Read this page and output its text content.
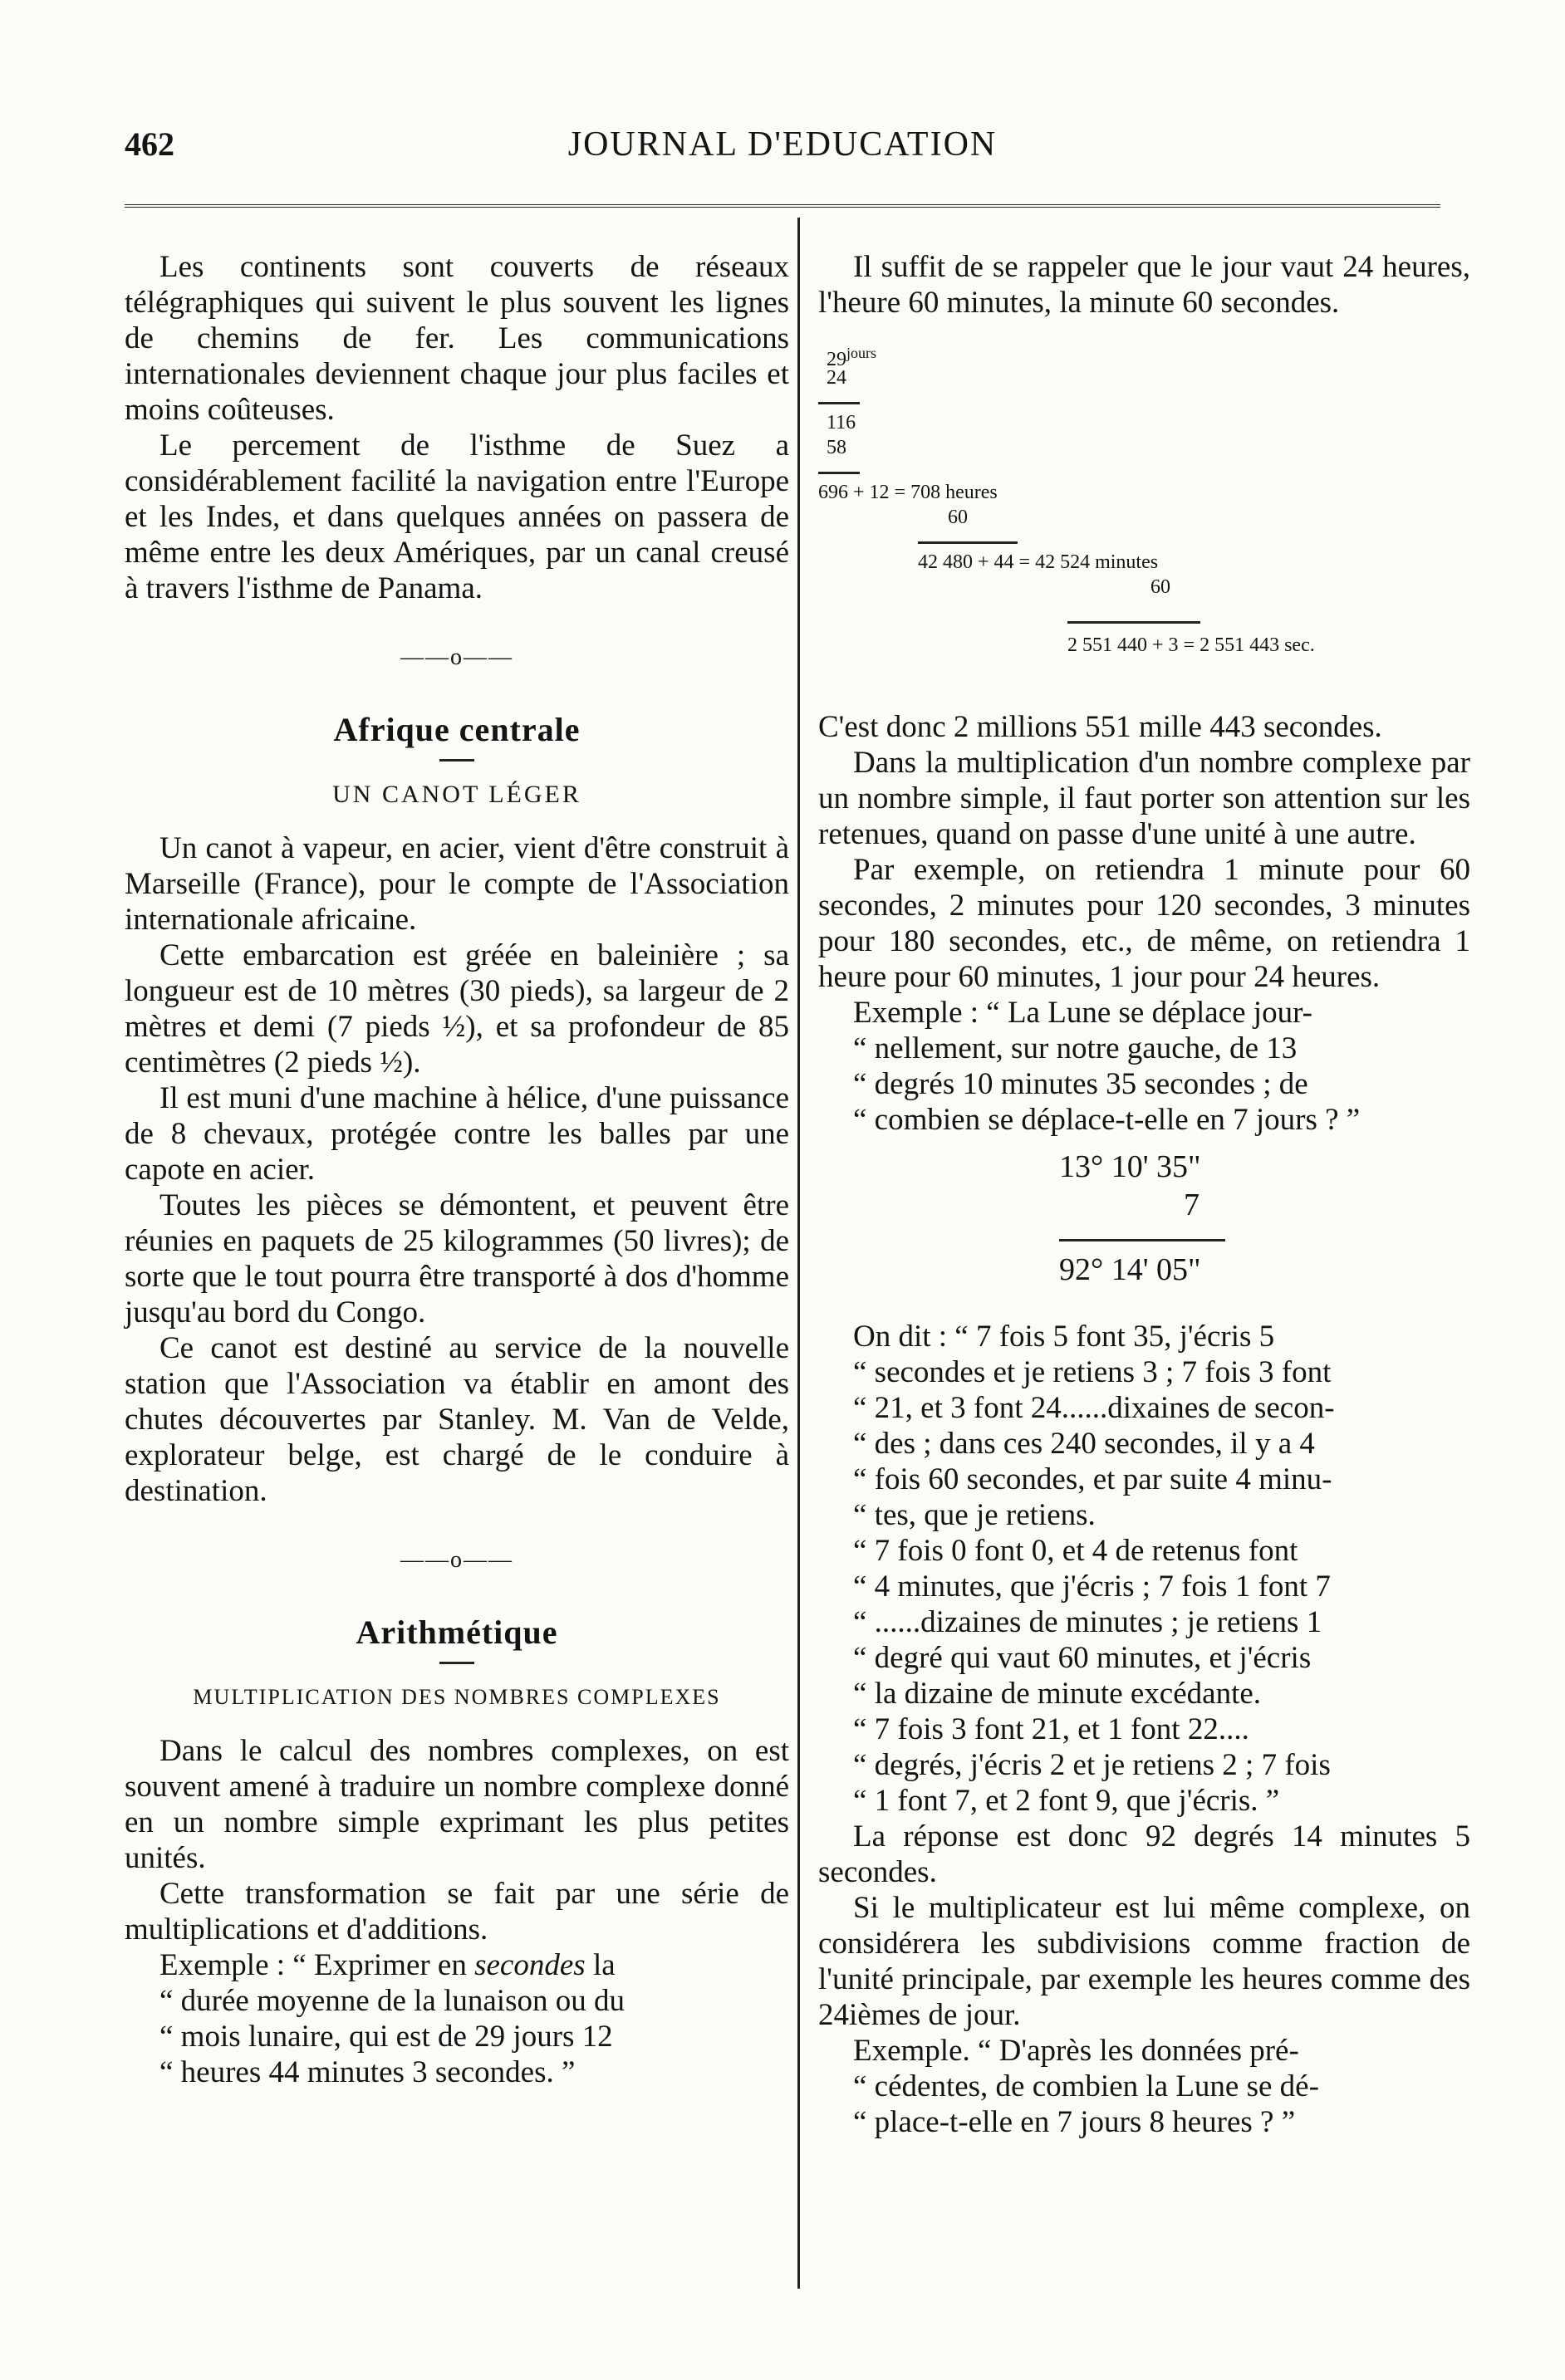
462	JOURNAL D'EDUCATION

Les continents sont couverts de réseaux télégraphiques qui suivent le plus souvent les lignes de chemins de fer. Les communications internationales deviennent chaque jour plus faciles et moins coûteuses.

Le percement de l'isthme de Suez a considérablement facilité la navigation entre l'Europe et les Indes, et dans quelques années on passera de même entre les deux Amériques, par un canal creusé à travers l'isthme de Panama.

——o——
Afrique centrale
UN CANOT LÉGER

Un canot à vapeur, en acier, vient d'être construit à Marseille (France), pour le compte de l'Association internationale africaine.

Cette embarcation est gréée en baleinière ; sa longueur est de 10 mètres (30 pieds), sa largeur de 2 mètres et demi (7 pieds ½), et sa profondeur de 85 centimètres (2 pieds ½).

Il est muni d'une machine à hélice, d'une puissance de 8 chevaux, protégée contre les balles par une capote en acier.

Toutes les pièces se démontent, et peuvent être réunies en paquets de 25 kilogrammes (50 livres); de sorte que le tout pourra être transporté à dos d'homme jusqu'au bord du Congo.

Ce canot est destiné au service de la nouvelle station que l'Association va établir en amont des chutes découvertes par Stanley. M. Van de Velde, explorateur belge, est chargé de le conduire à destination.

——o——
Arithmétique
MULTIPLICATION DES NOMBRES COMPLEXES

Dans le calcul des nombres complexes, on est souvent amené à traduire un nombre complexe donné en un nombre simple exprimant les plus petites unités.

Cette transformation se fait par une série de multiplications et d'additions.

Exemple : “ Exprimer en secondes la

“ durée moyenne de la lunaison ou du

“ mois lunaire, qui est de 29 jours 12

“ heures 44 minutes 3 secondes. ”

Il suffit de se rappeler que le jour vaut 24 heures, l'heure 60 minutes, la minute 60 secondes.

$29^{jours}$
24
116
58
696 + 12 = 708 heures
60
42 480 + 44 = 42 524 minutes
60
2 551 440 + 3 = 2 551 443 sec.

C'est donc 2 millions 551 mille 443 secondes.

Dans la multiplication d'un nombre complexe par un nombre simple, il faut porter son attention sur les retenues, quand on passe d'une unité à une autre.

Par exemple, on retiendra 1 minute pour 60 secondes, 2 minutes pour 120 secondes, 3 minutes pour 180 secondes, etc., de même, on retiendra 1 heure pour 60 minutes, 1 jour pour 24 heures.

Exemple : “ La Lune se déplace jour-

“ nellement, sur notre gauche, de 13

“ degrés 10 minutes 35 secondes ; de

“ combien se déplace-t-elle en 7 jours ? ”

13° 10' 35"
7
92° 14' 05"

On dit : “ 7 fois 5 font 35, j'écris 5

“ secondes et je retiens 3 ; 7 fois 3 font

“ 21, et 3 font 24......dixaines de secon-

“ des ; dans ces 240 secondes, il y a 4

“ fois 60 secondes, et par suite 4 minu-

“ tes, que je retiens.

“ 7 fois 0 font 0, et 4 de retenus font

“ 4 minutes, que j'écris ; 7 fois 1 font 7

“ ......dizaines de minutes ; je retiens 1

“ degré qui vaut 60 minutes, et j'écris

“ la dizaine de minute excédante.

“ 7 fois 3 font 21, et 1 font 22....

“ degrés, j'écris 2 et je retiens 2 ; 7 fois

“ 1 font 7, et 2 font 9, que j'écris. ”

La réponse est donc 92 degrés 14 minutes 5 secondes.

Si le multiplicateur est lui même complexe, on considérera les subdivisions comme fraction de l'unité principale, par exemple les heures comme des 24ièmes de jour.

Exemple. “ D'après les données pré-

“ cédentes, de combien la Lune se dé-

“ place-t-elle en 7 jours 8 heures ? ”
